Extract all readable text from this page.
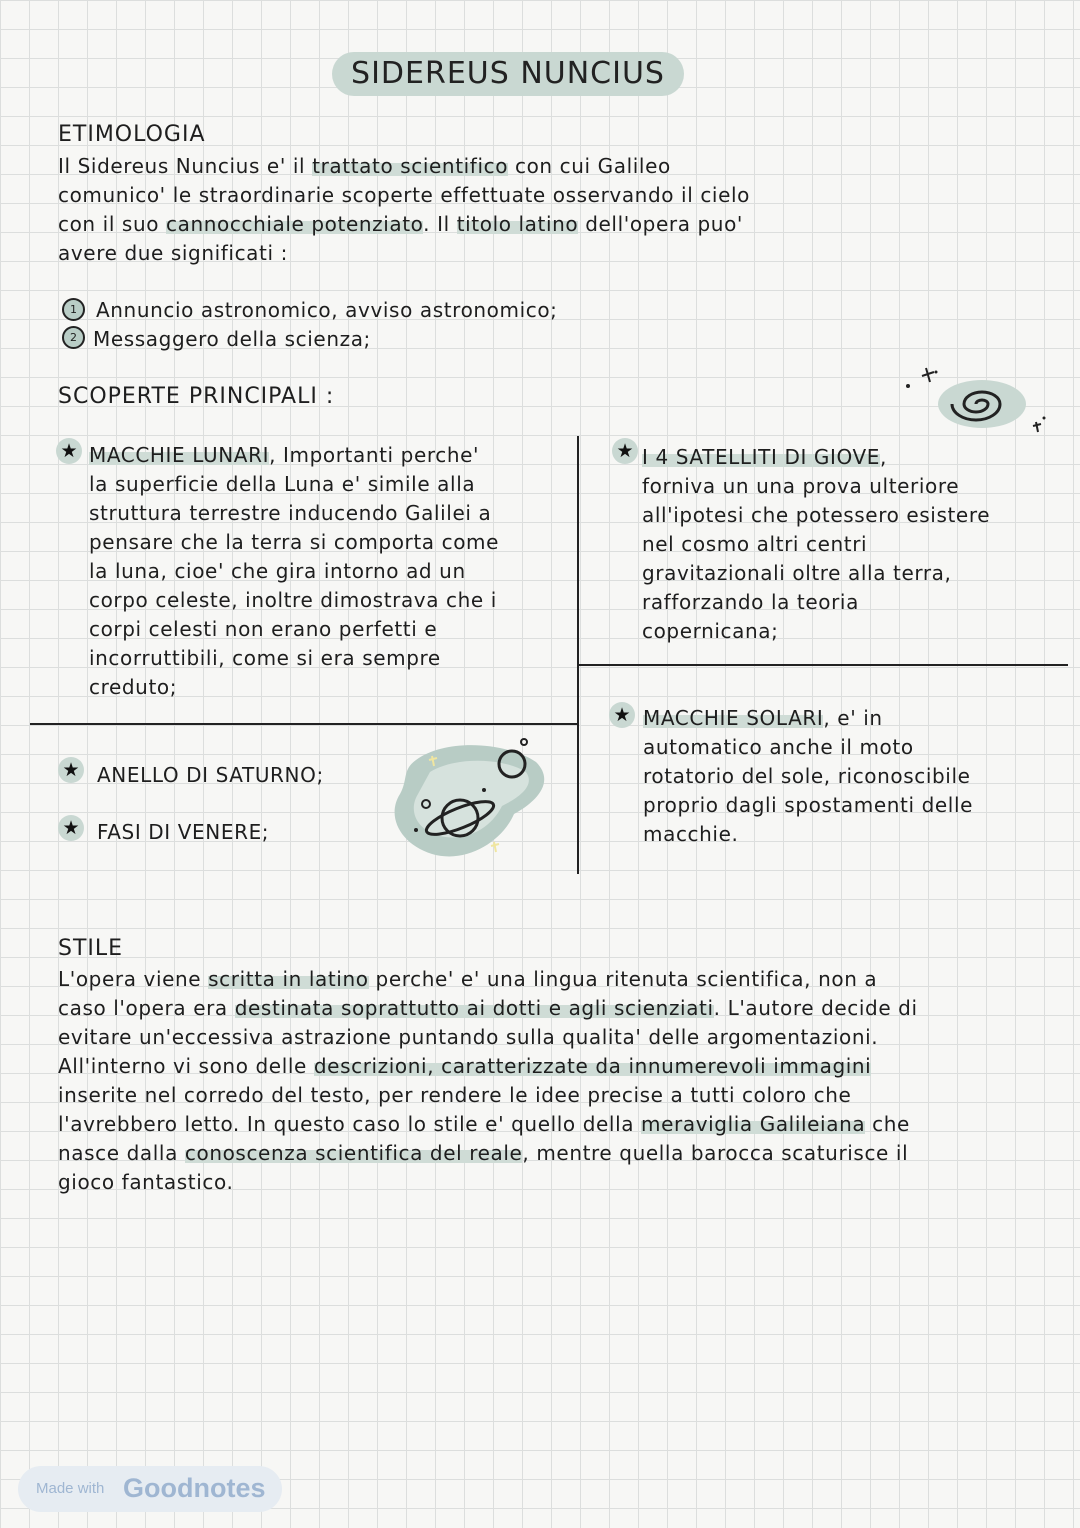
SIDEREUS NUNCIUS
ETIMOLOGIA
Il Sidereus Nuncius e' il trattato scientifico con cui Galileo
comunico' le straordinarie scoperte effettuate osservando il cielo
con il suo cannocchiale potenziato. Il titolo latino dell'opera puo'
avere due significati :
1 Annuncio astronomico, avviso astronomico;
2 Messaggero della scienza;
SCOPERTE PRINCIPALI :
★ MACCHIE LUNARI, Importanti perche'
la superficie della Luna e' simile alla
struttura terrestre inducendo Galilei a
pensare che la terra si comporta come
la luna, cioe' che gira intorno ad un
corpo celeste, inoltre dimostrava che i
corpi celesti non erano perfetti e
incorruttibili, come si era sempre
creduto;
★ I 4 SATELLITI DI GIOVE,
forniva un una prova ulteriore
all'ipotesi che potessero esistere
nel cosmo altri centri
gravitazionali oltre alla terra,
rafforzando la teoria
copernicana;
★ MACCHIE SOLARI, e' in
automatico anche il moto
rotatorio del sole, riconoscibile
proprio dagli spostamenti delle
macchie.
★ ANELLO DI SATURNO;
★ FASI DI VENERE;
STILE
L'opera viene scritta in latino perche' e' una lingua ritenuta scientifica, non a
caso l'opera era destinata soprattutto ai dotti e agli scienziati. L'autore decide di
evitare un'eccessiva astrazione puntando sulla qualita' delle argomentazioni.
All'interno vi sono delle descrizioni, caratterizzate da innumerevoli immagini
inserite nel corredo del testo, per rendere le idee precise a tutti coloro che
l'avrebbero letto. In questo caso lo stile e' quello della meraviglia Galileiana che
nasce dalla conoscenza scientifica del reale, mentre quella barocca scaturisce il
gioco fantastico.
Made with Goodnotes
